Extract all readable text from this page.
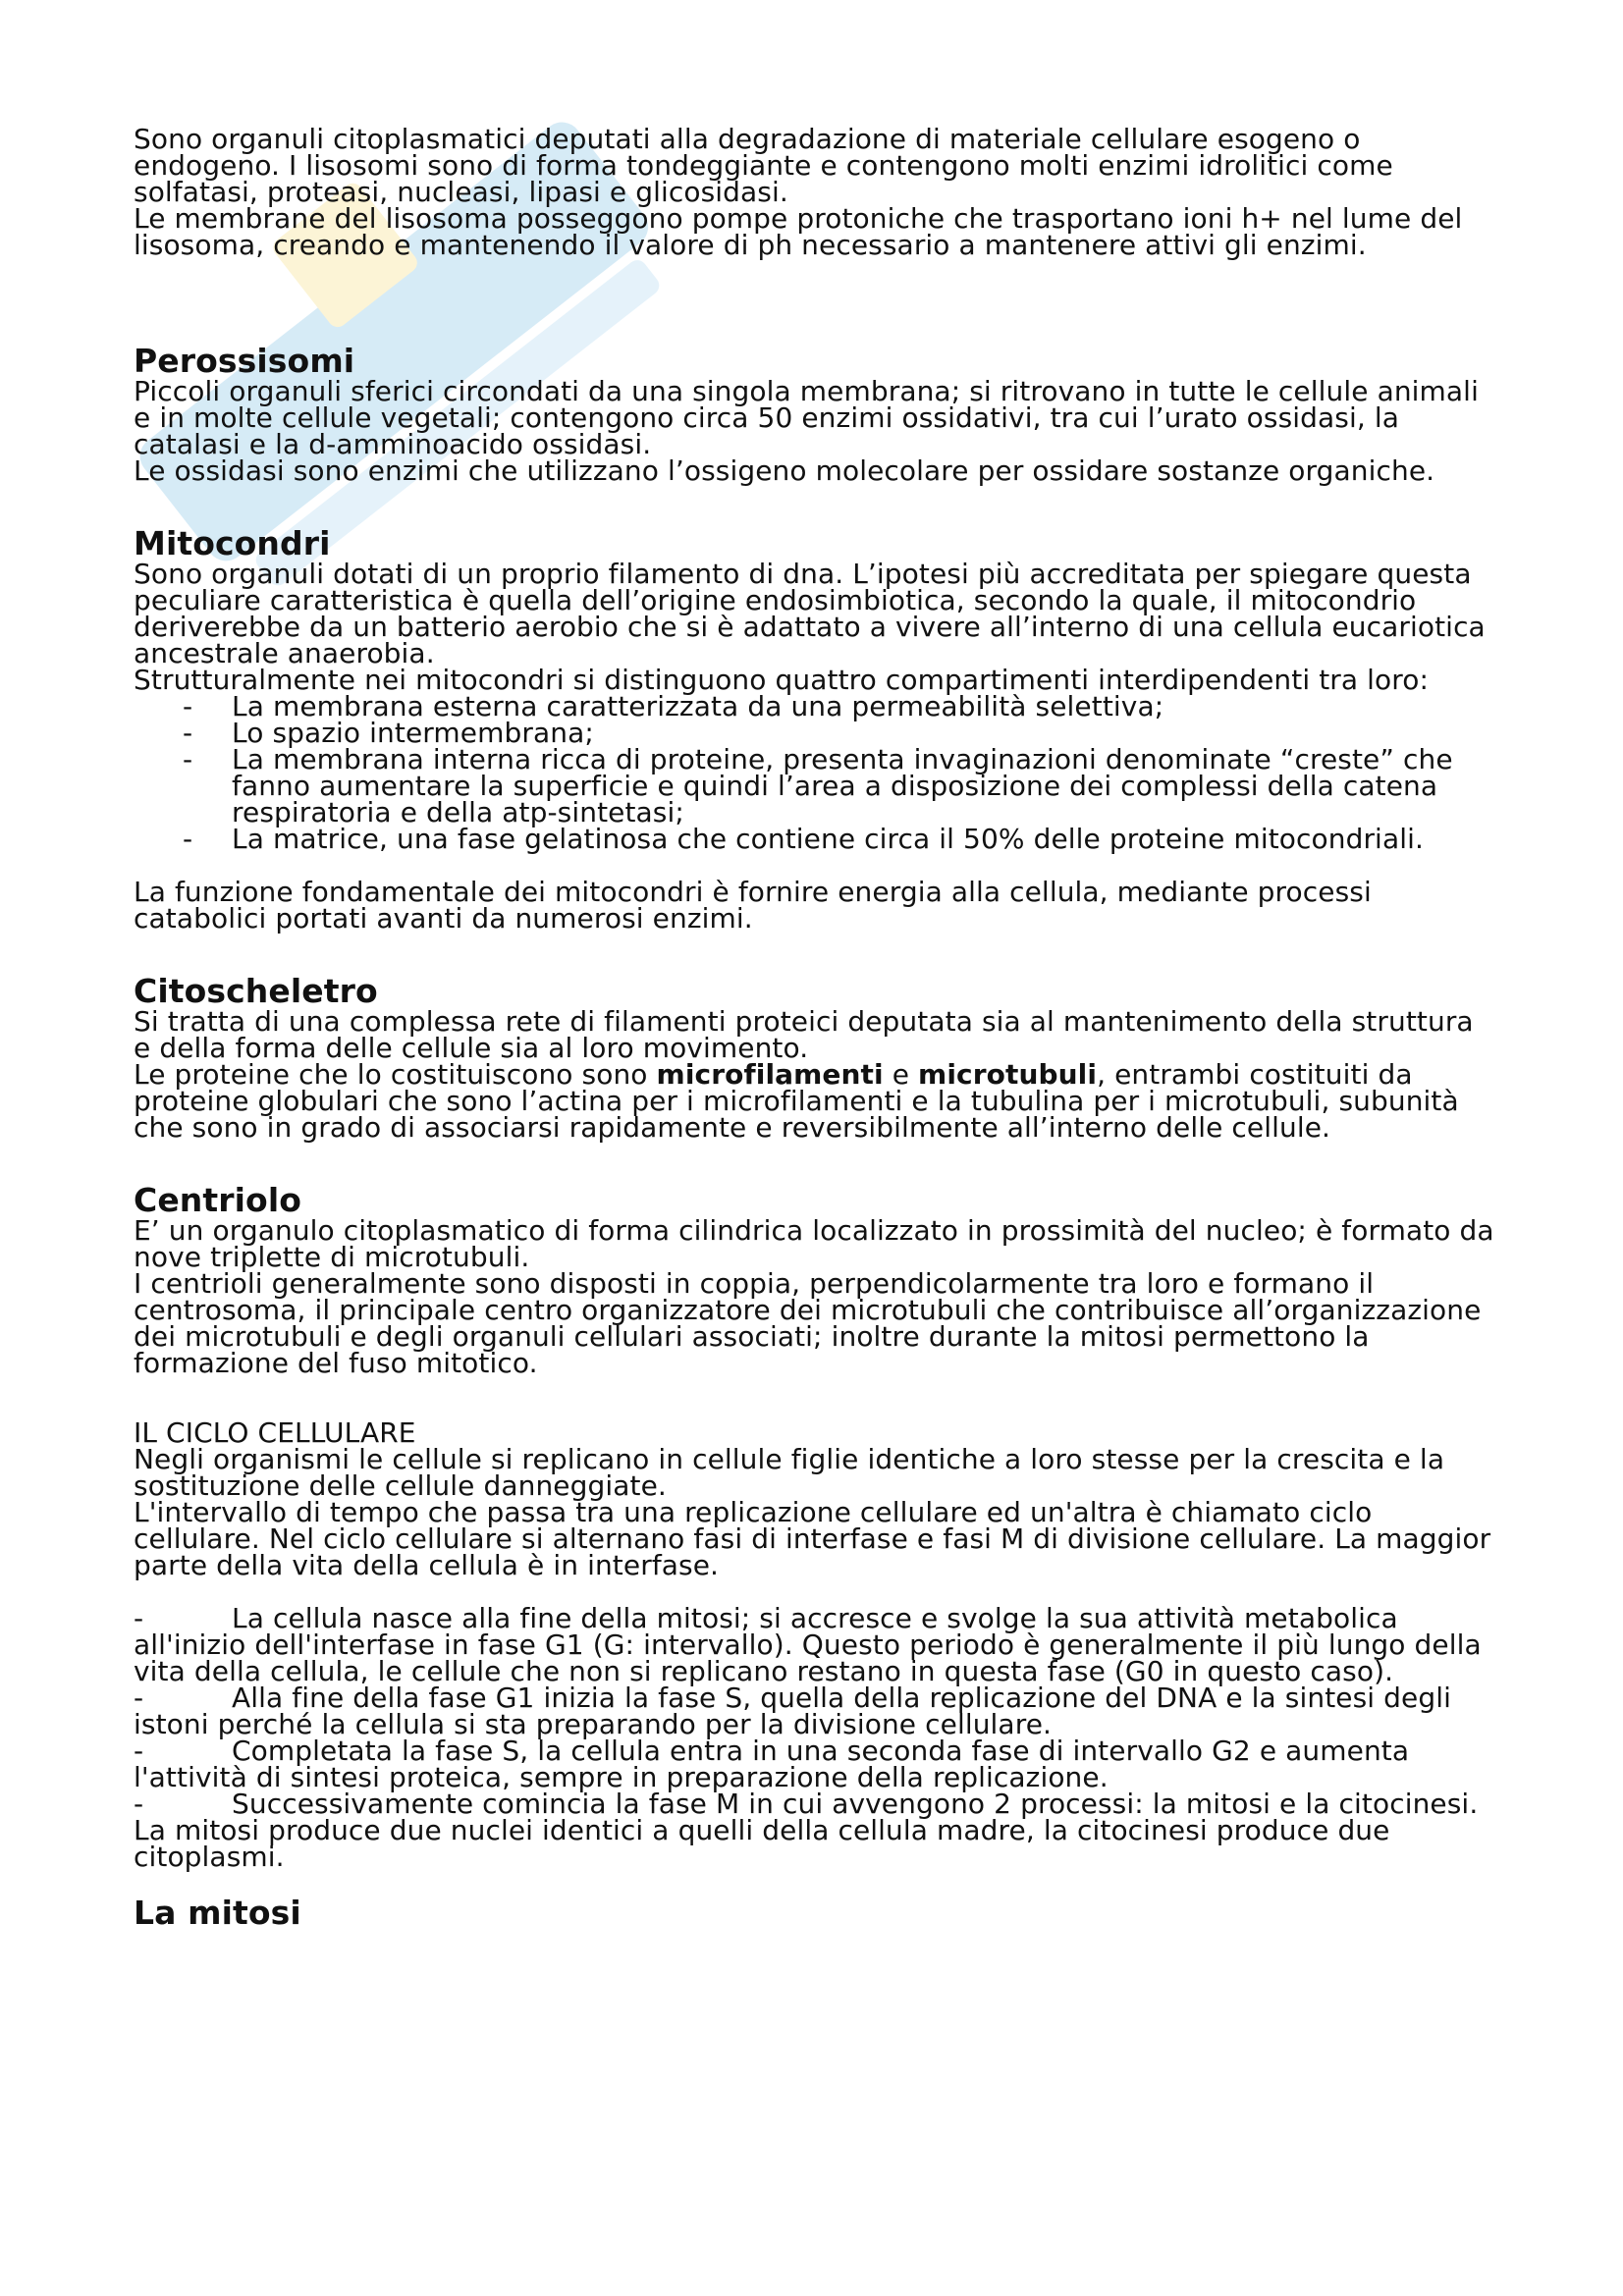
Sono organuli citoplasmatici deputati alla degradazione di materiale cellulare esogeno o endogeno. I lisosomi sono di forma tondeggiante e contengono molti enzimi idrolitici come solfatasi, proteasi, nucleasi, lipasi e glicosidasi.

Le membrane del lisosoma posseggono pompe protoniche che trasportano ioni h+ nel lume del lisosoma, creando e mantenendo il valore di ph necessario a mantenere attivi gli enzimi.

Perossisomi

Piccoli organuli sferici circondati da una singola membrana; si ritrovano in tutte le cellule animali e in molte cellule vegetali; contengono circa 50 enzimi ossidativi, tra cui l’urato ossidasi, la catalasi e la d-amminoacido ossidasi.

Le ossidasi sono enzimi che utilizzano l’ossigeno molecolare per ossidare sostanze organiche.

Mitocondri

Sono organuli dotati di un proprio filamento di dna. L’ipotesi più accreditata per spiegare questa peculiare caratteristica è quella dell’origine endosimbiotica, secondo la quale, il mitocondrio deriverebbe da un batterio aerobio che si è adattato a vivere all’interno di una cellula eucariotica ancestrale anaerobia.

Strutturalmente nei mitocondri si distinguono quattro compartimenti interdipendenti tra loro:

- La membrana esterna caratterizzata da una permeabilità selettiva;
- Lo spazio intermembrana;
- La membrana interna ricca di proteine, presenta invaginazioni denominate “creste” che fanno aumentare la superficie e quindi l’area a disposizione dei complessi della catena respiratoria e della atp-sintetasi;
- La matrice, una fase gelatinosa che contiene circa il 50% delle proteine mitocondriali.

La funzione fondamentale dei mitocondri è fornire energia alla cellula, mediante processi catabolici portati avanti da numerosi enzimi.

Citoscheletro

Si tratta di una complessa rete di filamenti proteici deputata sia al mantenimento della struttura e della forma delle cellule sia al loro movimento.

Le proteine che lo costituiscono sono microfilamenti e microtubuli, entrambi costituiti da proteine globulari che sono l’actina per i microfilamenti e la tubulina per i microtubuli, subunità che sono in grado di associarsi rapidamente e reversibilmente all’interno delle cellule.

Centriolo

E’ un organulo citoplasmatico di forma cilindrica localizzato in prossimità del nucleo; è formato da nove triplette di microtubuli.

I centrioli generalmente sono disposti in coppia, perpendicolarmente tra loro e formano il centrosoma, il principale centro organizzatore dei microtubuli che contribuisce all’organizzazione dei microtubuli e degli organuli cellulari associati; inoltre durante la mitosi permettono la formazione del fuso mitotico.

IL CICLO CELLULARE

Negli organismi le cellule si replicano in cellule figlie identiche a loro stesse per la crescita e la sostituzione delle cellule danneggiate.

L'intervallo di tempo che passa tra una replicazione cellulare ed un'altra è chiamato ciclo cellulare. Nel ciclo cellulare si alternano fasi di interfase e fasi M di divisione cellulare. La maggior parte della vita della cellula è in interfase.

-	La cellula nasce alla fine della mitosi; si accresce e svolge la sua attività metabolica all'inizio dell'interfase in fase G1 (G: intervallo). Questo periodo è generalmente il più lungo della vita della cellula, le cellule che non si replicano restano in questa fase (G0 in questo caso).

-	Alla fine della fase G1 inizia la fase S, quella della replicazione del DNA e la sintesi degli istoni perché la cellula si sta preparando per la divisione cellulare.

-	Completata la fase S, la cellula entra in una seconda fase di intervallo G2 e aumenta l'attività di sintesi proteica, sempre in preparazione della replicazione.

-	Successivamente comincia la fase M in cui avvengono 2 processi: la mitosi e la citocinesi. La mitosi produce due nuclei identici a quelli della cellula madre, la citocinesi produce due citoplasmi.

La mitosi
